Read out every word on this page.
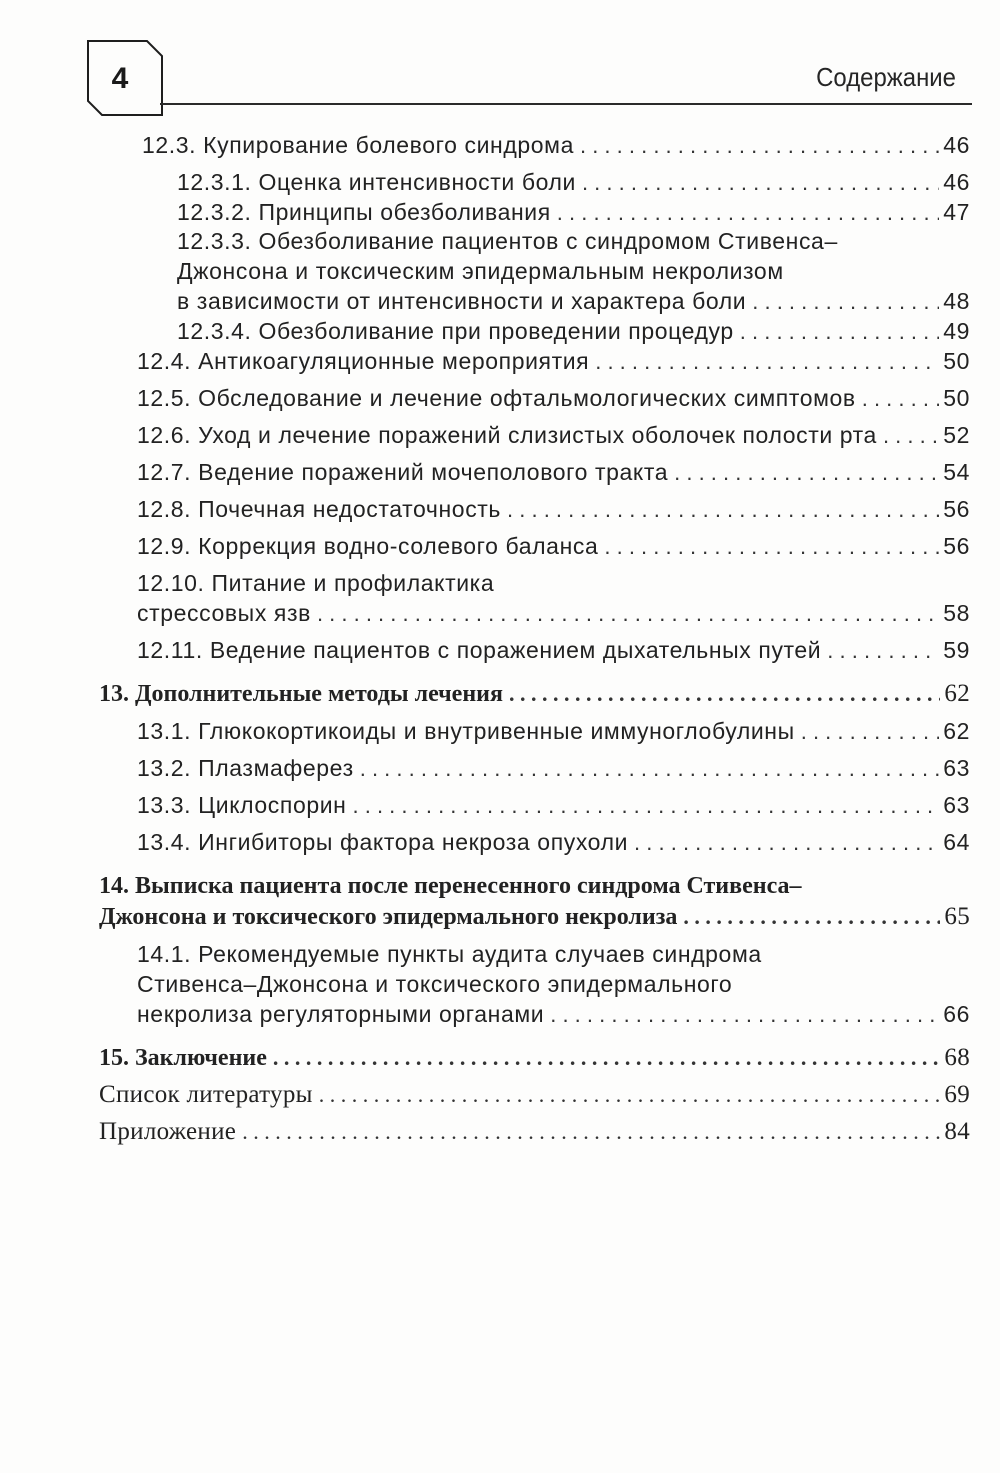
4	Содержание
12.3. Купирование болевого синдрома . . .	46
12.3.1. Оценка интенсивности боли . . .	46
12.3.2. Принципы обезболивания . . .	47
12.3.3. Обезболивание пациентов с синдромом Стивенса–
Джонсона и токсическим эпидермальным некролизом
в зависимости от интенсивности и характера боли . . .	48
12.3.4. Обезболивание при проведении процедур . . .	49
12.4. Антикоагуляционные мероприятия . . .	50
12.5. Обследование и лечение офтальмологических симптомов . . .	50
12.6. Уход и лечение поражений слизистых оболочек полости рта . . .	52
12.7. Ведение поражений мочеполового тракта . . .	54
12.8. Почечная недостаточность . . .	56
12.9. Коррекция водно-солевого баланса . . .	56
12.10. Питание и профилактика
стрессовых язв . . .	58
12.11. Ведение пациентов с поражением дыхательных путей . . .	59
13. Дополнительные методы лечения . . .	62
13.1. Глюкокортикоиды и внутривенные иммуноглобулины . . .	62
13.2. Плазмаферез . . .	63
13.3. Циклоспорин . . .	63
13.4. Ингибиторы фактора некроза опухоли . . .	64
14. Выписка пациента после перенесенного синдрома Стивенса–
Джонсона и токсического эпидермального некролиза . . .	65
14.1. Рекомендуемые пункты аудита случаев синдрома
Стивенса–Джонсона и токсического эпидермального
некролиза регуляторными органами . . .	66
15. Заключение . . .	68
Список литературы . . .	69
Приложение . . .	84
